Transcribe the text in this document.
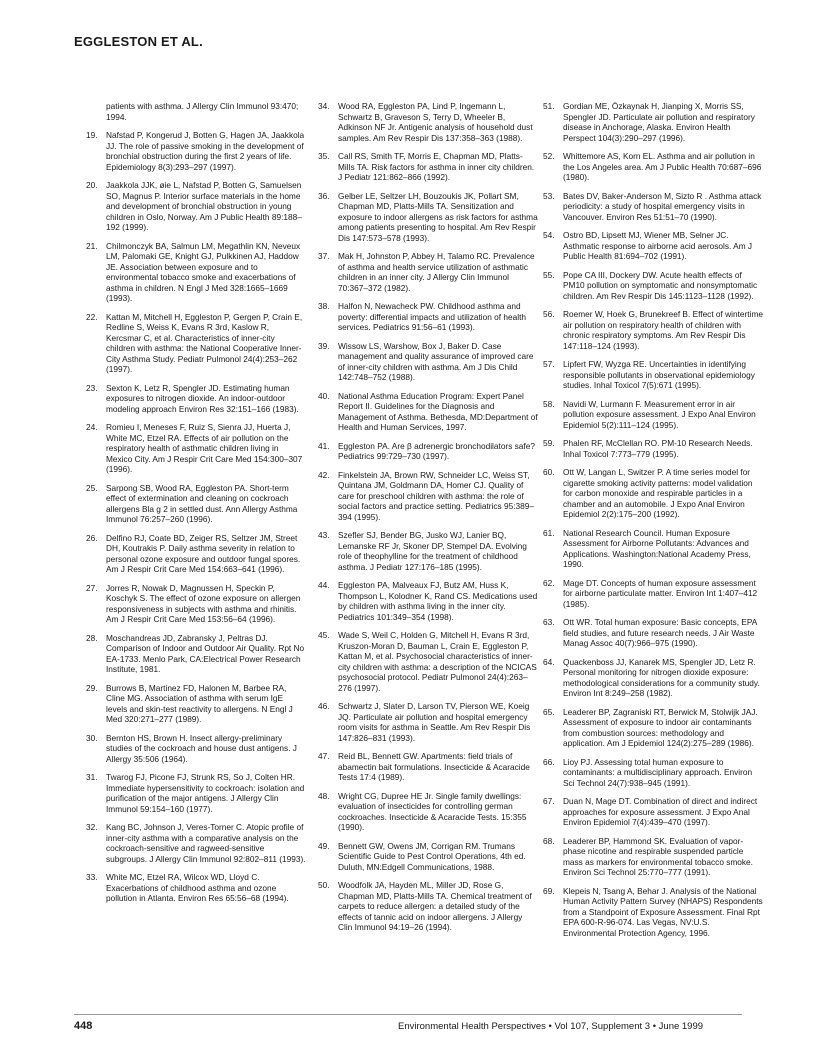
EGGLESTON ET AL.
patients with asthma. J Allergy Clin Immunol 93:470; 1994.
19.	Nafstad P, Kongerud J, Botten G, Hagen JA, Jaakkola JJ. The role of passive smoking in the development of bronchial obstruction during the first 2 years of life. Epidemiology 8(3):293–297 (1997).
20.	Jaakkola JJK, øie L, Nafstad P, Botten G, Samuelsen SO, Magnus P. Interior surface materials in the home and development of bronchial obstruction in young children in Oslo, Norway. Am J Public Health 89:188–192 (1999).
21.	Chilmonczyk BA, Salmun LM, Megathlin KN, Neveux LM, Palomaki GE, Knight GJ, Pulkkinen AJ, Haddow JE. Association between exposure and to environmental tobacco smoke and exacerbations of asthma in children. N Engl J Med 328:1665–1669 (1993).
22.	Kattan M, Mitchell H, Eggleston P, Gergen P, Crain E, Redline S, Weiss K, Evans R 3rd, Kaslow R, Kercsmar C, et al. Characteristics of inner-city children with asthma: the National Cooperative Inner-City Asthma Study. Pediatr Pulmonol 24(4):253–262 (1997).
23.	Sexton K, Letz R, Spengler JD. Estimating human exposures to nitrogen dioxide. An indoor-outdoor modeling approach Environ Res 32:151–166 (1983).
24.	Romieu I, Meneses F, Ruiz S, Sienra JJ, Huerta J, White MC, Etzel RA. Effects of air pollution on the respiratory health of asthmatic children living in Mexico City. Am J Respir Crit Care Med 154:300–307 (1996).
25.	Sarpong SB, Wood RA, Eggleston PA. Short-term effect of extermination and cleaning on cockroach allergens Bla g 2 in settled dust. Ann Allergy Asthma Immunol 76:257–260 (1996).
26.	Delfino RJ, Coate BD, Zeiger RS, Seltzer JM, Street DH, Koutrakis P. Daily asthma severity in relation to personal ozone exposure and outdoor fungal spores. Am J Respir Crit Care Med 154:663–641 (1996).
27.	Jorres R, Nowak D, Magnussen H, Speckin P, Koschyk S. The effect of ozone exposure on allergen responsiveness in subjects with asthma and rhinitis. Am J Respir Crit Care Med 153:56–64 (1996).
28.	Moschandreas JD, Zabransky J, Peltras DJ. Comparison of Indoor and Outdoor Air Quality. Rpt No EA-1733. Menlo Park, CA:Electrical Power Research Institute, 1981.
29.	Burrows B, Martinez FD, Halonen M, Barbee RA, Cline MG. Association of asthma with serum IgE levels and skin-test reactivity to allergens. N Engl J Med 320:271–277 (1989).
30.	Bernton HS, Brown H. Insect allergy-preliminary studies of the cockroach and house dust antigens. J Allergy 35:506 (1964).
31.	Twarog FJ, Picone FJ, Strunk RS, So J, Colten HR. Immediate hypersensitivity to cockroach: isolation and purification of the major antigens. J Allergy Clin Immunol 59:154–160 (1977).
32.	Kang BC, Johnson J, Veres-Torner C. Atopic profile of inner-city asthma with a comparative analysis on the cockroach-sensitive and ragweed-sensitive subgroups. J Allergy Clin Immunol 92:802–811 (1993).
33.	White MC, Etzel RA, Wilcox WD, Lloyd C. Exacerbations of childhood asthma and ozone pollution in Atlanta. Environ Res 65:56–68 (1994).
34.	Wood RA, Eggleston PA, Lind P, Ingemann L, Schwartz B, Graveson S, Terry D, Wheeler B, Adkinson NF Jr. Antigenic analysis of household dust samples. Am Rev Respir Dis 137:358–363 (1988).
35.	Call RS, Smith TF, Morris E, Chapman MD, Platts-Mills TA. Risk factors for asthma in inner city children. J Pediatr 121:862–866 (1992).
36.	Gelber LE, Seltzer LH, Bouzoukis JK, Pollart SM, Chapman MD, Platts-Mills TA. Sensitization and exposure to indoor allergens as risk factors for asthma among patients presenting to hospital. Am Rev Respir Dis 147:573–578 (1993).
37.	Mak H, Johnston P, Abbey H, Talamo RC. Prevalence of asthma and health service utilization of asthmatic children in an inner city. J Allergy Clin Immunol 70:367–372 (1982).
38.	Halfon N, Newacheck PW. Childhood asthma and poverty: differential impacts and utilization of health services. Pediatrics 91:56–61 (1993).
39.	Wissow LS, Warshow, Box J, Baker D. Case management and quality assurance of improved care of inner-city children with asthma. Am J Dis Child 142:748–752 (1988).
40.	National Asthma Education Program: Expert Panel Report II. Guidelines for the Diagnosis and Management of Asthma. Bethesda, MD:Department of Health and Human Services, 1997.
41.	Eggleston PA. Are β adrenergic bronchodilators safe? Pediatrics 99:729–730 (1997).
42.	Finkelstein JA, Brown RW, Schneider LC, Weiss ST, Quintana JM, Goldmann DA, Homer CJ. Quality of care for preschool children with asthma: the role of social factors and practice setting. Pediatrics 95:389–394 (1995).
43.	Szefler SJ, Bender BG, Jusko WJ, Lanier BQ, Lemanske RF Jr, Skoner DP, Stempel DA. Evolving role of theophylline for the treatment of childhood asthma. J Pediatr 127:176–185 (1995).
44.	Eggleston PA, Malveaux FJ, Butz AM, Huss K, Thompson L, Kolodner K, Rand CS. Medications used by children with asthma living in the inner city. Pediatrics 101:349–354 (1998).
45.	Wade S, Weil C, Holden G, Mitchell H, Evans R 3rd, Kruszon-Moran D, Bauman L, Crain E, Eggleston P, Kattan M, et al. Psychosocial characteristics of inner-city children with asthma: a description of the NCICAS psychosocial protocol. Pediatr Pulmonol 24(4):263–276 (1997).
46.	Schwartz J, Slater D, Larson TV, Pierson WE, Koeig JQ. Particulate air pollution and hospital emergency room visits for asthma in Seattle. Am Rev Respir Dis 147:826–831 (1993).
47.	Reid BL, Bennett GW. Apartments: field trials of abamectin bait formulations. Insecticide & Acaracide Tests 17:4 (1989).
48.	Wright CG, Dupree HE Jr. Single family dwellings: evaluation of insecticides for controlling german cockroaches. Insecticide & Acaracide Tests. 15:355 (1990).
49.	Bennett GW, Owens JM, Corrigan RM. Trumans Scientific Guide to Pest Control Operations, 4th ed. Duluth, MN:Edgell Communications, 1988.
50.	Woodfolk JA, Hayden ML, Miller JD, Rose G, Chapman MD, Platts-Mills TA. Chemical treatment of carpets to reduce allergen: a detailed study of the effects of tannic acid on indoor allergens. J Allergy Clin Immunol 94:19–26 (1994).
51.	Gordian ME, Özkaynak H, Jianping X, Morris SS, Spengler JD. Particulate air pollution and respiratory disease in Anchorage, Alaska. Environ Health Perspect 104(3):290–297 (1996).
52.	Whittemore AS, Korn EL. Asthma and air pollution in the Los Angeles area. Am J Public Health 70:687–696 (1980).
53.	Bates DV, Baker-Anderson M, Sizto R . Asthma attack periodicity: a study of hospital emergency visits in Vancouver. Environ Res 51:51–70 (1990).
54.	Ostro BD, Lipsett MJ, Wiener MB, Selner JC. Asthmatic response to airborne acid aerosols. Am J Public Health 81:694–702 (1991).
55.	Pope CA III, Dockery DW. Acute health effects of PM10 pollution on symptomatic and nonsymptomatic children. Am Rev Respir Dis 145:1123–1128 (1992).
56.	Roemer W, Hoek G, Brunekreef B. Effect of wintertime air pollution on respiratory health of children with chronic respiratory symptoms. Am Rev Respir Dis 147:118–124 (1993).
57.	Lipfert FW, Wyzga RE. Uncertainties in identifying responsible pollutants in observational epidemiology studies. Inhal Toxicol 7(5):671 (1995).
58.	Navidi W, Lurmann F. Measurement error in air pollution exposure assessment. J Expo Anal Environ Epidemiol 5(2):111–124 (1995).
59.	Phalen RF, McClellan RO. PM-10 Research Needs. Inhal Toxicol 7:773–779 (1995).
60.	Ott W, Langan L, Switzer P. A time series model for cigarette smoking activity patterns: model validation for carbon monoxide and respirable particles in a chamber and an automobile. J Expo Anal Environ Epidemiol 2(2):175–200 (1992).
61.	National Research Council. Human Exposure Assessment for Airborne Pollutants: Advances and Applications. Washington:National Academy Press, 1990.
62.	Mage DT. Concepts of human exposure assessment for airborne particulate matter. Environ Int 1:407–412 (1985).
63.	Ott WR. Total human exposure: Basic concepts, EPA field studies, and future research needs. J Air Waste Manag Assoc 40(7):966–975 (1990).
64.	Quackenboss JJ, Kanarek MS, Spengler JD, Letz R. Personal monitoring for nitrogen dioxide exposure: methodological considerations for a community study. Environ Int 8:249–258 (1982).
65.	Leaderer BP, Zagraniski RT, Berwick M, Stolwijk JAJ. Assessment of exposure to indoor air contaminants from combustion sources: methodology and application. Am J Epidemiol 124(2):275–289 (1986).
66.	Lioy PJ. Assessing total human exposure to contaminants: a multidisciplinary approach. Environ Sci Technol 24(7):938–945 (1991).
67.	Duan N, Mage DT. Combination of direct and indirect approaches for exposure assessment. J Expo Anal Environ Epidemiol 7(4):439–470 (1997).
68.	Leaderer BP, Hammond SK. Evaluation of vapor-phase nicotine and respirable suspended particle mass as markers for environmental tobacco smoke. Environ Sci Technol 25:770–777 (1991).
69.	Klepeis N, Tsang A, Behar J. Analysis of the National Human Activity Pattern Survey (NHAPS) Respondents from a Standpoint of Exposure Assessment. Final Rpt EPA 600-R-96-074. Las Vegas, NV:U.S. Environmental Protection Agency, 1996.
448	Environmental Health Perspectives • Vol 107, Supplement 3 • June 1999
